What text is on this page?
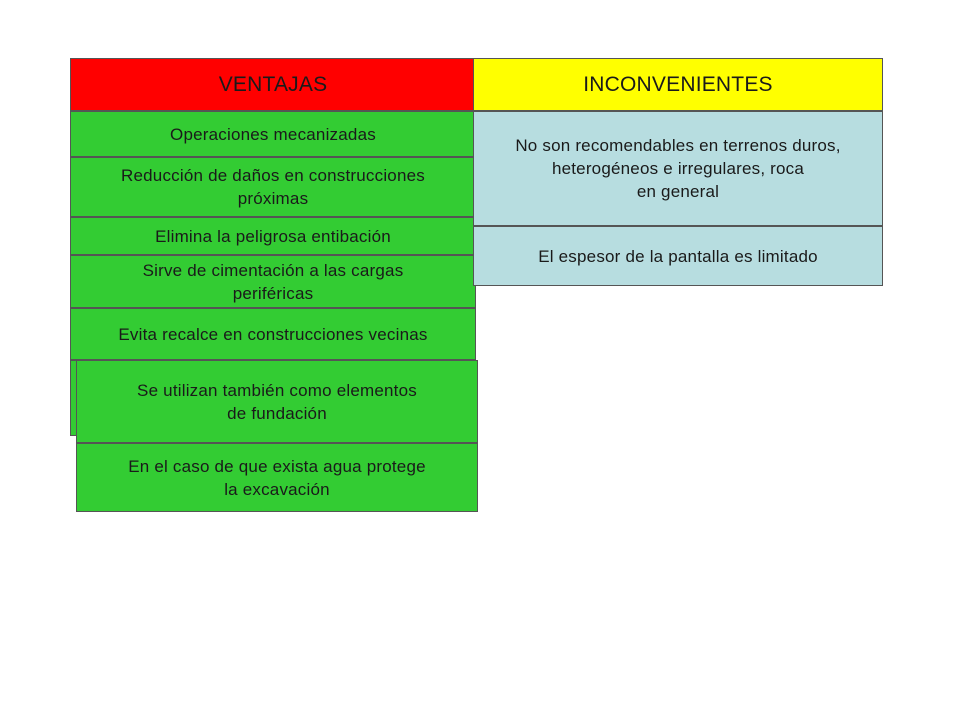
VENTAJAS	INCONVENIENTES
Operaciones mecanizadas
Reducción de daños en construcciones
próximas
Elimina la peligrosa entibación
Sirve de cimentación a las cargas
periféricas
Evita recalce en construcciones vecinas
Se utilizan también como elementos
de fundación
En el caso de que exista agua protege
la excavación
No son recomendables en terrenos duros,
heterogéneos e irregulares, roca
en general
El espesor de la pantalla es limitado
